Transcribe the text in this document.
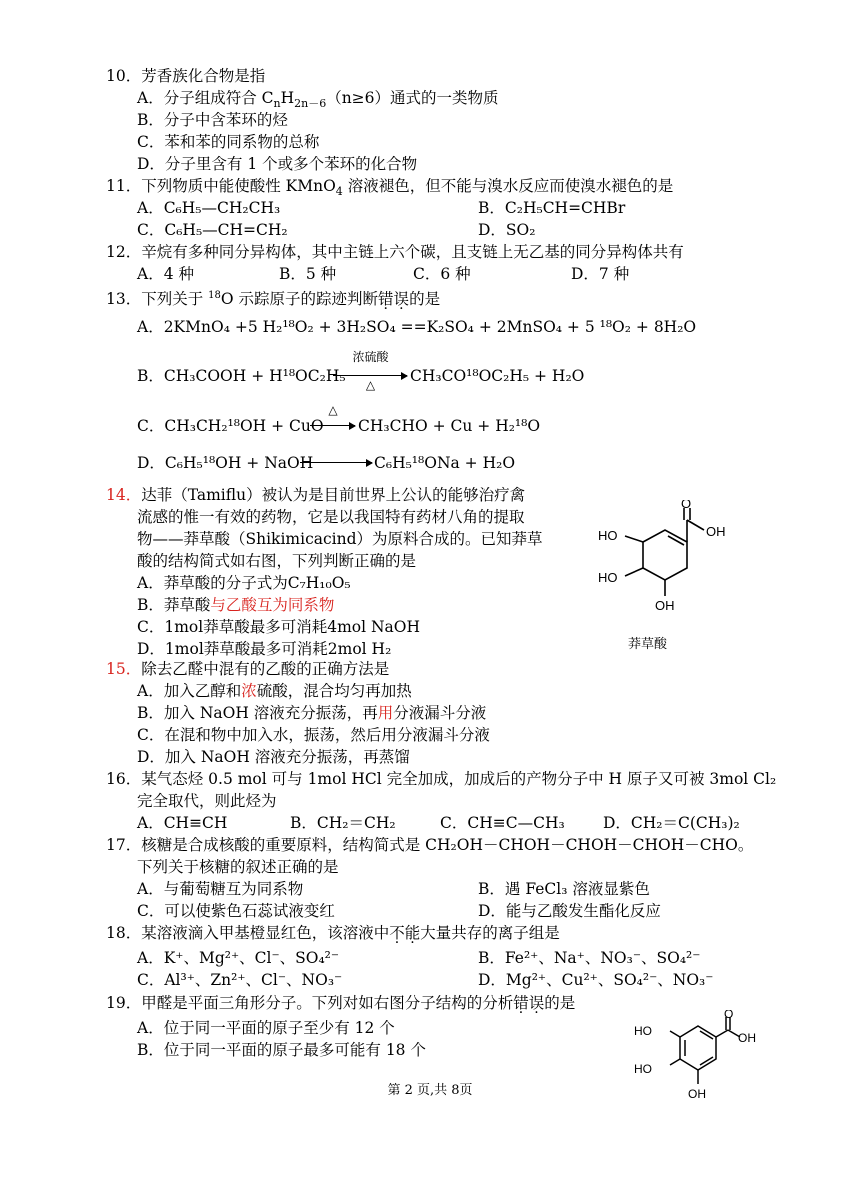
10．芳香族化合物是指
A．分子组成符合 $C_nH_{2n-6}(n\ge 6)$通式的一类物质
B．分子中含苯环的烃
C．苯和苯的同系物的总称
D．分子里含有 1 个或多个苯环的化合物
11．下列物质中能使酸性 KMnO$_4$ 溶液褪色，但不能与溴水反应而使溴水褪色的是
A．C₆H₅—CH₂CH₃	B．C₂H₅CH=CHBr
C．C₆H₅—CH=CH₂	D．SO₂
12．辛烷有多种同分异构体，其中主链上六个碳，且支链上无乙基的同分异构体共有
A．4 种	B．5 种	C．6 种	D．7 种
13．下列关于 $^{18}$O 示踪原子的踪迹判断错误的是
A．2KMnO₄ +5 H₂¹⁸O₂ + 3H₂SO₄ ==K₂SO₄ + 2MnSO₄ + 5 ¹⁸O₂ + 8H₂O
B．CH₃COOH + H¹⁸OC₂H₅
浓硫酸
△	CH₃CO¹⁸OC₂H₅ + H₂O
C．CH₃CH₂¹⁸OH + CuO
△
CH₃CHO + Cu + H₂¹⁸O
D．C₆H₅¹⁸OH + NaOH	C₆H₅¹⁸ONa + H₂O
14．达菲（Tamiflu）被认为是目前世界上公认的能够治疗禽
流感的惟一有效的药物，它是以我国特有药材八角的提取
物——莽草酸（Shikimicacind）为原料合成的。已知莽草
酸的结构简式如右图，下列判断正确的是
A．莽草酸的分子式为C₇H₁₀O₅
B．莽草酸与乙酸互为同系物
C．1mol莽草酸最多可消耗4mol NaOH
D．1mol莽草酸最多可消耗2mol H₂
HO
HO
OH
O
OH
莽草酸
15．除去乙醛中混有的乙酸的正确方法是
A．加入乙醇和浓硫酸，混合均匀再加热
B．加入 NaOH 溶液充分振荡，再用分液漏斗分液
C．在混和物中加入水，振荡，然后用分液漏斗分液
D．加入 NaOH 溶液充分振荡，再蒸馏
16．某气态烃 0.5 mol 可与 1mol HCl 完全加成，加成后的产物分子中 H 原子又可被 3mol Cl₂
完全取代，则此烃为
A．CH≡CH	B．CH₂＝CH₂	C．CH≡C—CH₃ D．CH₂＝C(CH₃)₂
17．核糖是合成核酸的重要原料，结构简式是 CH₂OH－CHOH－CHOH－CHOH－CHO。
下列关于核糖的叙述正确的是
A．与葡萄糖互为同系物	B．遇 FeCl₃ 溶液显紫色
C．可以使紫色石蕊试液变红	D．能与乙酸发生酯化反应
18．某溶液滴入甲基橙显红色，该溶液中不能大量共存的离子组是
A．K⁺、Mg²⁺、Cl⁻、SO₄²⁻	B．Fe²⁺、Na⁺、NO₃⁻、SO₄²⁻
C．Al³⁺、Zn²⁺、Cl⁻、NO₃⁻	D．Mg²⁺、Cu²⁺、SO₄²⁻、NO₃⁻
19．甲醛是平面三角形分子。下列对如右图分子结构的分析错误的是
A．位于同一平面的原子至少有 12 个
B．位于同一平面的原子最多可能有 18 个
HO
HO
OH
O
OH
第 2 页,共 8页
